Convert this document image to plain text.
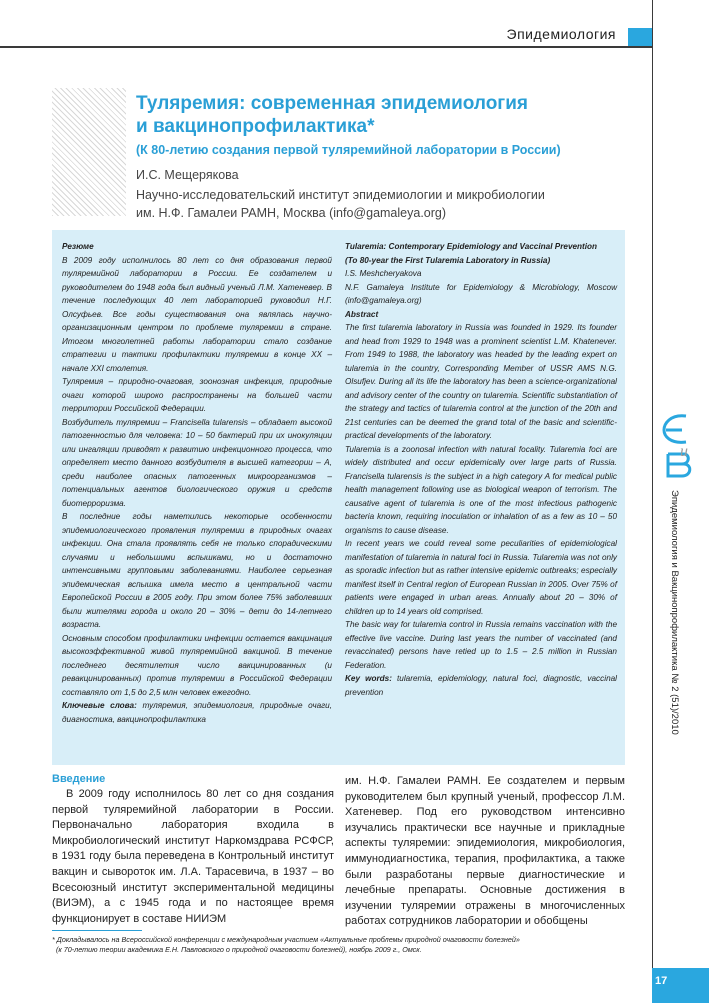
Эпидемиология
и
Эпидемиология и Вакцинопрофилактика № 2 (51)/2010
Туляремия: современная эпидемиология
и вакцинопрофилактика*
(К 80-летию создания первой туляремийной лаборатории в России)
И.С. Мещерякова
Научно-исследовательский институт эпидемиологии и микробиологии
им. Н.Ф. Гамалеи РАМН, Москва (info@gamaleya.org)

Резюме

В 2009 году исполнилось 80 лет со дня образования первой туляремийной лаборатории в России. Ее создателем и руководителем до 1948 года был видный ученый Л.М. Хатеневер. В течение последующих 40 лет лабораторией руководил Н.Г. Олсуфьев. Все годы существования она являлась научно-организационным центром по проблеме туляремии в стране. Итогом многолетней работы лаборатории стало создание стратегии и тактики профилактики туляремии в конце XX – начале XXI столетия.

Туляремия – природно-очаговая, зоонозная инфекция, природные очаги которой широко распространены на большей части территории Российской Федерации.

Возбудитель туляремии – Francisella tularensis – обладает высокой патогенностью для человека: 10 – 50 бактерий при их инокуляции или ингаляции приводят к развитию инфекционного процесса, что определяет место данного возбудителя в высшей категории – А, среди наиболее опасных патогенных микроорганизмов – потенциальных агентов биологического оружия и средств биотерроризма.

В последние годы наметились некоторые особенности эпидемиологического проявления туляремии в природных очагах инфекции. Она стала проявлять себя не только спорадическими случаями и небольшими вспышками, но и достаточно интенсивными групповыми заболеваниями. Наиболее серьезная эпидемическая вспышка имела место в центральной части Европейской России в 2005 году. При этом более 75% заболевших были жителями города и около 20 – 30% – дети до 14-летнего возраста.

Основным способом профилактики инфекции остается вакцинация высокоэффективной живой туляремийной вакциной. В течение последнего десятилетия число вакцинированных (и ревакцинированных) против туляремии в Российской Федерации составляло от 1,5 до 2,5 млн человек ежегодно.

Ключевые слова: туляремия, эпидемиология, природные очаги, диагностика, вакцинопрофилактика

Tularemia: Contemporary Epidemiology and Vaccinal Prevention

(To 80-year the First Tularemia Laboratory in Russia)

I.S. Meshcheryakova

N.F. Gamaleya Institute for Epidemiology & Microbiology, Moscow (info@gamaleya.org)

Abstract

The first tularemia laboratory in Russia was founded in 1929. Its founder and head from 1929 to 1948 was a prominent scientist L.M. Khatenever. From 1949 to 1988, the laboratory was headed by the leading expert on tularemia in the country, Corresponding Member of USSR AMS N.G. Olsufjev. During all its life the laboratory has been a science-organizational and advisory center of the country on tularemia. Scientific substantiation of the strategy and tactics of tularemia control at the junction of the 20th and 21st centuries can be deemed the grand total of the basic and scientific-practical developments of the laboratory.

Tularemia is a zoonosal infection with natural focality. Tularemia foci are widely distributed and occur epidemically over large parts of Russia. Francisella tularensis is the subject in a high category A for medical public health management following use as biological weapon of terrorism. The causative agent of tularemia is one of the most infectious pathogenic bacteria known, requiring inoculation or inhalation of as a few as 10 – 50 organisms to cause disease.

In recent years we could reveal some peculiarities of epidemiological manifestation of tularemia in natural foci in Russia. Tularemia was not only as sporadic infection but as rather intensive epidemic outbreaks; especially manifest itself in Central region of European Russian in 2005. Over 75% of patients were engaged in urban areas. Annually about 20 – 30% of children up to 14 years old comprised.

The basic way for tularemia control in Russia remains vaccination with the effective live vaccine. During last years the number of vaccinated (and revaccinated) persons have retied up to 1.5 – 2.5 million in Russian Federation.

Key words: tularemia, epidemiology, natural foci, diagnostic, vaccinal prevention

Введение

В 2009 году исполнилось 80 лет со дня создания первой туляремийной лаборатории в России. Первоначально лаборатория входила в Микробиологический институт Наркомздрава РСФСР, в 1931 году была переведена в Контрольный институт вакцин и сывороток им. Л.А. Тарасевича, в 1937 – во Всесоюзный институт экспериментальной медицины (ВИЭМ), а с 1945 года и по настоящее время функционирует в составе НИИЭМ

им. Н.Ф. Гамалеи РАМН. Ее создателем и первым руководителем был крупный ученый, профессор Л.М. Хатеневер. Под его руководством интенсивно изучались практически все научные и прикладные аспекты туляремии: эпидемиология, микробиология, иммунодиагностика, терапия, профилактика, а также были разработаны первые диагностические и лечебные препараты. Основные достижения в изучении туляремии отражены в многочисленных работах сотрудников лаборатории и обобщены

* Докладывалось на Всероссийской конференции с международным участием «Актуальные проблемы природной очаговости болезней»
(к 70-летию теории академика Е.Н. Павловского о природной очаговости болезней), ноябрь 2009 г., Омск.
17
